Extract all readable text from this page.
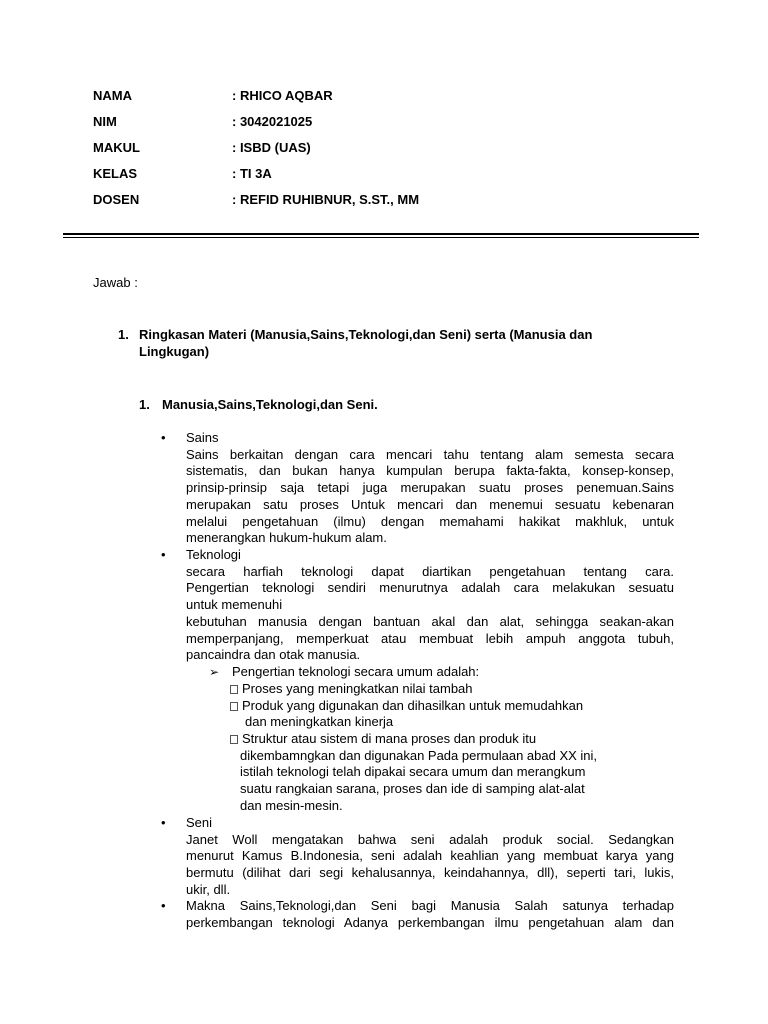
NAMA	: RHICO AQBAR
NIM	: 3042021025
MAKUL	: ISBD (UAS)
KELAS	: TI 3A
DOSEN	: REFID RUHIBNUR, S.ST., MM
Jawab :
1. Ringkasan Materi (Manusia,Sains,Teknologi,dan Seni) serta (Manusia dan
Lingkugan)
1. Manusia,Sains,Teknologi,dan Seni.
• Sains
Sains berkaitan dengan cara mencari tahu tentang alam semesta secara
sistematis, dan bukan hanya kumpulan berupa fakta-fakta, konsep-konsep,
prinsip-prinsip saja tetapi juga merupakan suatu proses penemuan.Sains
merupakan satu proses Untuk mencari dan menemui sesuatu kebenaran
melalui pengetahuan (ilmu) dengan memahami hakikat makhluk, untuk
menerangkan hukum-hukum alam.
• Teknologi
secara harfiah teknologi dapat diartikan pengetahuan tentang cara.
Pengertian teknologi sendiri menurutnya adalah cara melakukan sesuatu
untuk memenuhi
kebutuhan manusia dengan bantuan akal dan alat, sehingga seakan-akan
memperpanjang, memperkuat atau membuat lebih ampuh anggota tubuh,
pancaindra dan otak manusia.
➢ Pengertian teknologi secara umum adalah:
Proses yang meningkatkan nilai tambah
Produk yang digunakan dan dihasilkan untuk memudahkan
dan meningkatkan kinerja
Struktur atau sistem di mana proses dan produk itu
dikembamngkan dan digunakan Pada permulaan abad XX ini,
istilah teknologi telah dipakai secara umum dan merangkum
suatu rangkaian sarana, proses dan ide di samping alat-alat
dan mesin-mesin.
• Seni
Janet Woll mengatakan bahwa seni adalah produk social. Sedangkan
menurut Kamus B.Indonesia, seni adalah keahlian yang membuat karya yang
bermutu (dilihat dari segi kehalusannya, keindahannya, dll), seperti tari, lukis,
ukir, dll.
• Makna Sains,Teknologi,dan Seni bagi Manusia Salah satunya terhadap
perkembangan teknologi Adanya perkembangan ilmu pengetahuan alam dan
